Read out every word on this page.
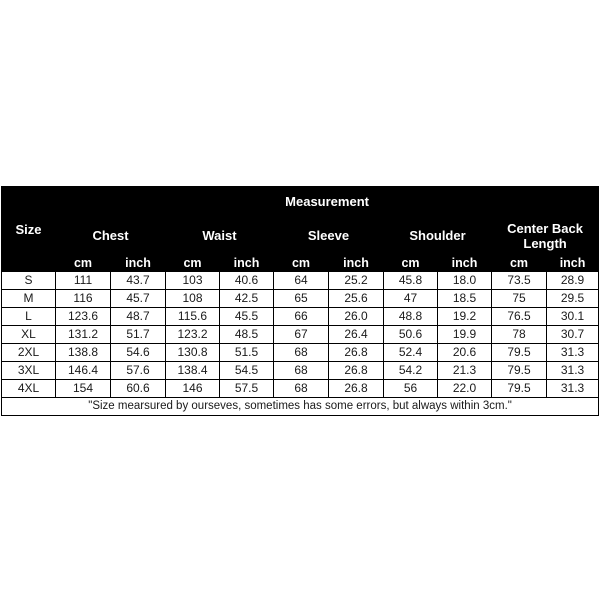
Size	Measurement									
	Chest		Waist		Sleeve		Shoulder		Center Back Length	
	cm	inch	cm	inch	cm	inch	cm	inch	cm	inch
S	111	43.7	103	40.6	64	25.2	45.8	18.0	73.5	28.9
M	116	45.7	108	42.5	65	25.6	47	18.5	75	29.5
L	123.6	48.7	115.6	45.5	66	26.0	48.8	19.2	76.5	30.1
XL	131.2	51.7	123.2	48.5	67	26.4	50.6	19.9	78	30.7
2XL	138.8	54.6	130.8	51.5	68	26.8	52.4	20.6	79.5	31.3
3XL	146.4	57.6	138.4	54.5	68	26.8	54.2	21.3	79.5	31.3
4XL	154	60.6	146	57.5	68	26.8	56	22.0	79.5	31.3
"Size mearsured by ourseves, sometimes has some errors, but always within 3cm."										
